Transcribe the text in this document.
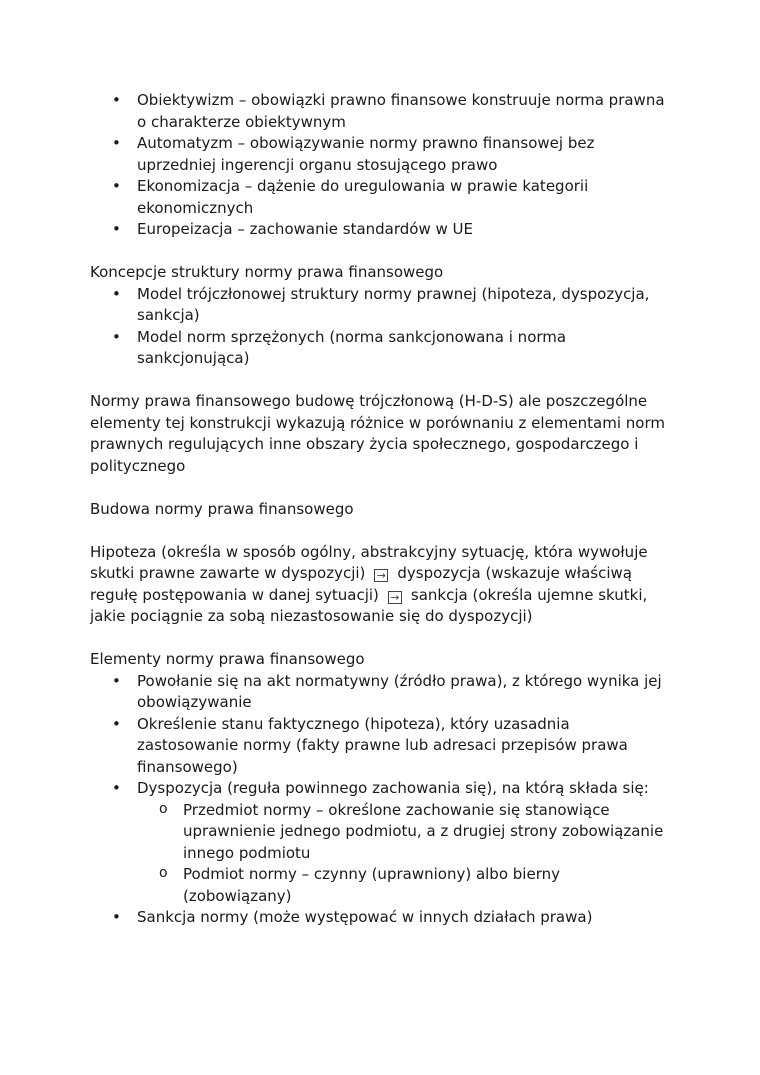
• Obiektywizm – obowiązki prawno finansowe konstruuje norma prawna o charakterze obiektywnym
• Automatyzm – obowiązywanie normy prawno finansowej bez uprzedniej ingerencji organu stosującego prawo
• Ekonomizacja – dążenie do uregulowania w prawie kategorii ekonomicznych
• Europeizacja – zachowanie standardów w UE

Koncepcje struktury normy prawa finansowego

• Model trójczłonowej struktury normy prawnej (hipoteza, dyspozycja, sankcja)
• Model norm sprzężonych (norma sankcjonowana i norma sankcjonująca)

Normy prawa finansowego budowę trójczłonową (H-D-S) ale poszczególne elementy tej konstrukcji wykazują różnice w porównaniu z elementami norm prawnych regulujących inne obszary życia społecznego, gospodarczego i politycznego

Budowa normy prawa finansowego

Hipoteza (określa w sposób ogólny, abstrakcyjny sytuację, która wywołuje skutki prawne zawarte w dyspozycji) → dyspozycja (wskazuje właściwą regułę postępowania w danej sytuacji) → sankcja (określa ujemne skutki, jakie pociągnie za sobą niezastosowanie się do dyspozycji)

Elementy normy prawa finansowego

• Powołanie się na akt normatywny (źródło prawa), z którego wynika jej obowiązywanie
• Określenie stanu faktycznego (hipoteza), który uzasadnia zastosowanie normy (fakty prawne lub adresaci przepisów prawa finansowego)
• Dyspozycja (reguła powinnego zachowania się), na którą składa się:
o Przedmiot normy – określone zachowanie się stanowiące uprawnienie jednego podmiotu, a z drugiej strony zobowiązanie innego podmiotu
o Podmiot normy – czynny (uprawniony) albo bierny (zobowiązany)
• Sankcja normy (może występować w innych działach prawa)
